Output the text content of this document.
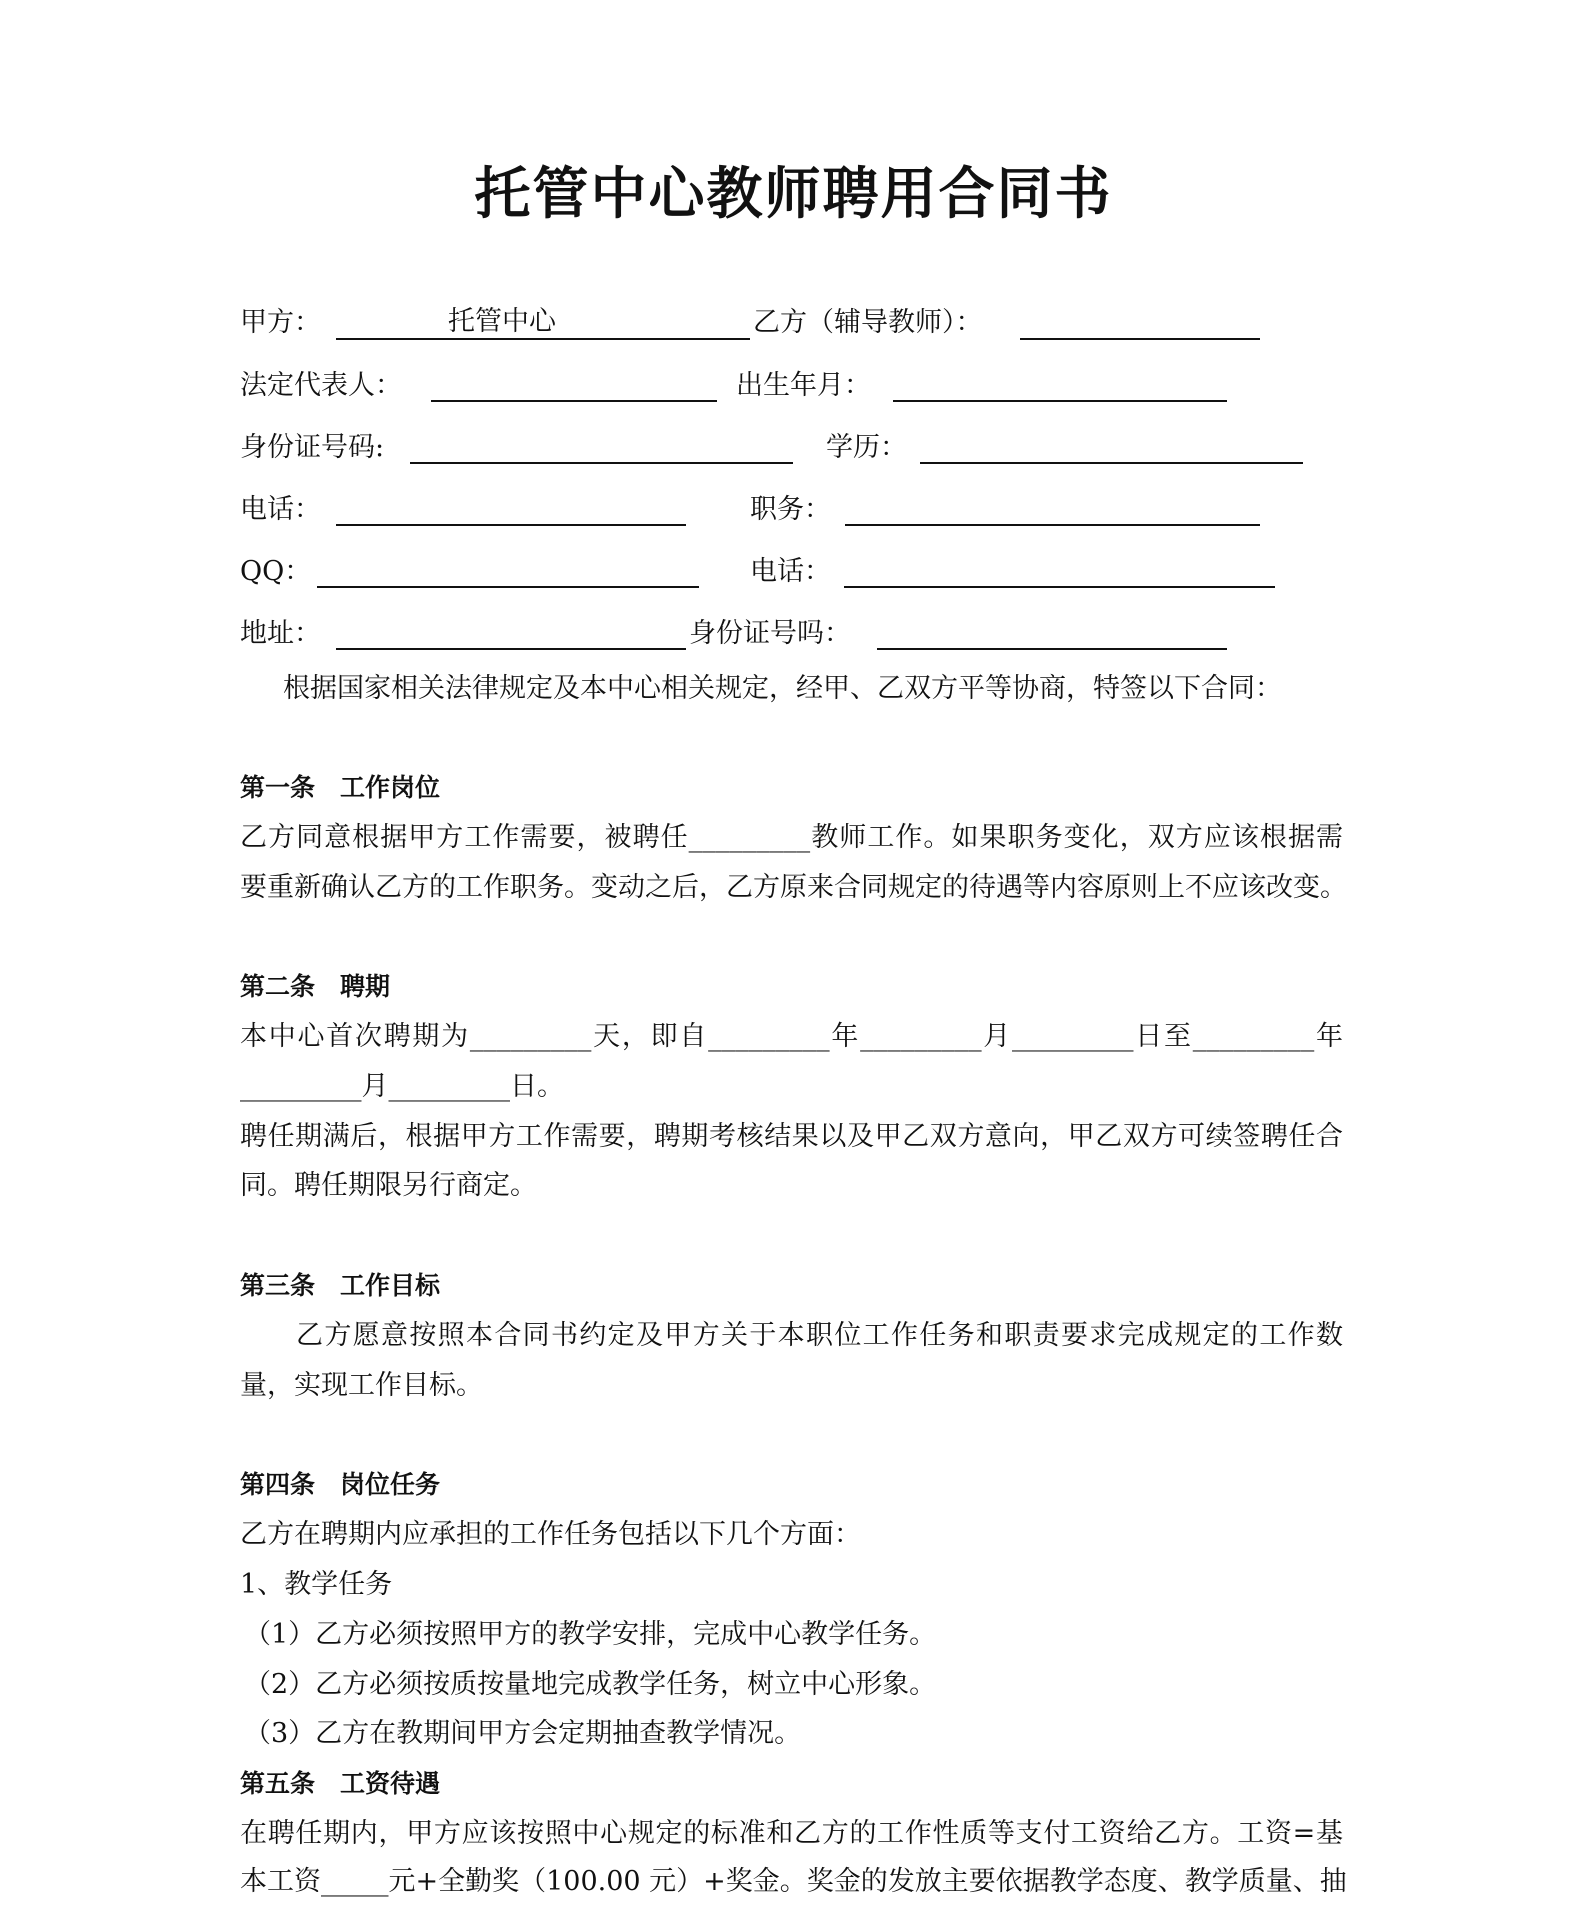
托管中心教师聘用合同书
甲方：	托管中心	乙方（辅导教师）：
法定代表人：	出生年月：
身份证号码:	学历：
电话：	职务：
QQ：	电话：
地址：	身份证号吗：
根据国家相关法律规定及本中心相关规定，经甲、乙双方平等协商，特签以下合同：
第一条　工作岗位
乙方同意根据甲方工作需要，被聘任_________教师工作。如果职务变化，双方应该根据需
要重新确认乙方的工作职务。变动之后，乙方原来合同规定的待遇等内容原则上不应该改变。
第二条　聘期
本中心首次聘期为_________天，即自_________年_________月_________日至_________年
_________月_________日。
聘任期满后，根据甲方工作需要，聘期考核结果以及甲乙双方意向，甲乙双方可续签聘任合
同。聘任期限另行商定。
第三条　工作目标
乙方愿意按照本合同书约定及甲方关于本职位工作任务和职责要求完成规定的工作数
量，实现工作目标。
第四条　岗位任务
乙方在聘期内应承担的工作任务包括以下几个方面：
1、教学任务
（1）乙方必须按照甲方的教学安排，完成中心教学任务。
（2）乙方必须按质按量地完成教学任务，树立中心形象。
（3）乙方在教期间甲方会定期抽查教学情况。
第五条　工资待遇
在聘任期内，甲方应该按照中心规定的标准和乙方的工作性质等支付工资给乙方。工资=基
本工资_____元+全勤奖（100.00 元）+奖金。奖金的发放主要依据教学态度、教学质量、抽
